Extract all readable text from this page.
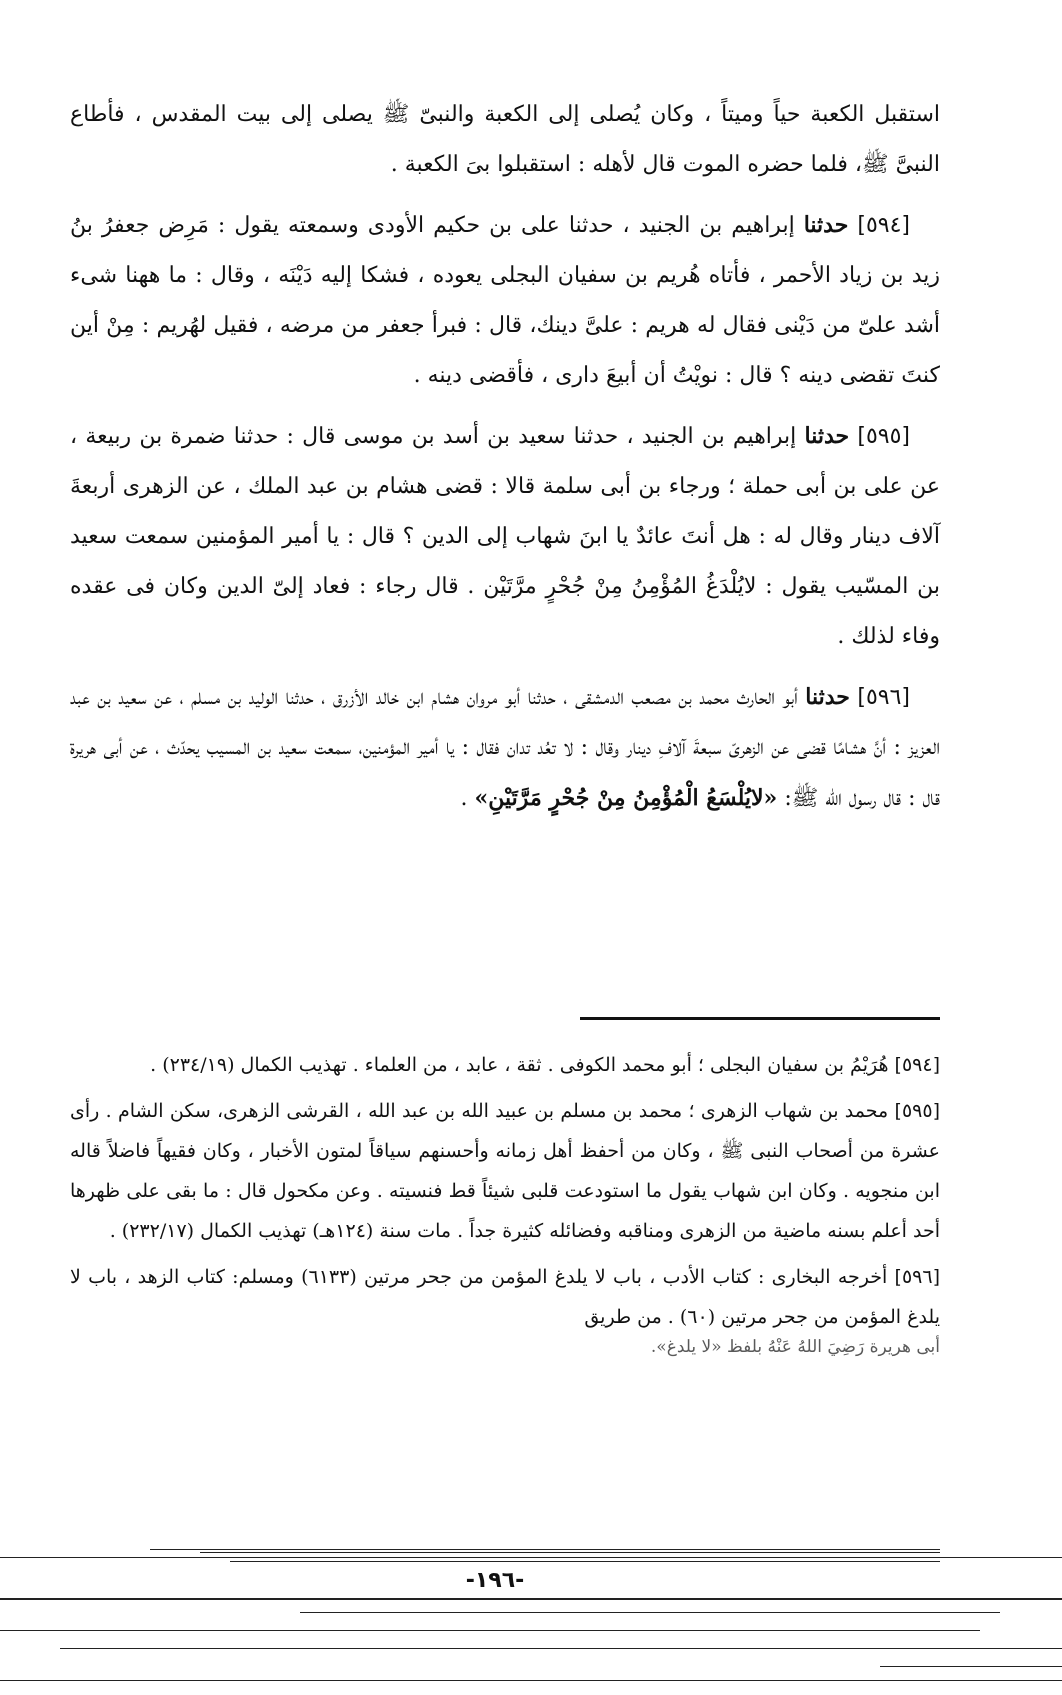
استقبل الكعبة حياً وميتاً ، وكان يُصلى إلى الكعبة والنبىّ ﷺ يصلى إلى بيت المقدس ، فأطاع النبىَّ ﷺ، فلما حضره الموت قال لأهله : استقبلوا بىَ الكعبة .

[٥٩٤] حدثنا إبراهيم بن الجنيد ، حدثنا على بن حكيم الأودى وسمعته يقول : مَرِض جعفرُ بنُ زيد بن زياد الأحمر ، فأتاه هُريم بن سفيان البجلى يعوده ، فشكا إليه دَيْنَه ، وقال : ما ههنا شىء أشد علىّ من دَيْنى فقال له هريم : علىَّ دينك، قال : فبرأ جعفر من مرضه ، فقيل لهُريم : مِنْ أين كنتَ تقضى دينه ؟ قال : نويْتُ أن أبيعَ دارى ، فأقضى دينه .

[٥٩٥] حدثنا إبراهيم بن الجنيد ، حدثنا سعيد بن أسد بن موسى قال : حدثنا ضمرة بن ربيعة ، عن على بن أبى حملة ؛ ورجاء بن أبى سلمة قالا : قضى هشام بن عبد الملك ، عن الزهرى أربعةَ آلاف دينار وقال له : هل أنتَ عائدٌ يا ابنَ شهاب إلى الدين ؟ قال : يا أمير المؤمنين سمعت سعيد بن المسّيب يقول : لايُلْدَغُ المُؤْمِنُ مِنْ جُحْرٍ مرَّتَيْن . قال رجاء : فعاد إلىّ الدين وكان فى عقده وفاء لذلك .

[٥٩٦] حدثنا أبو الحارث محمد بن مصعب الدمشقى ، حدثنا أبو مروان هشام ابن خالد الأزرق ، حدثنا الوليد بن مسلم ، عن سعيد بن عبد العزيز : أنَّ هشامًا قضى عن الزهرىّ سبعةَ آلافِ دينار وقال : لا تعُد تدان فقال : يا أمير المؤمنين، سمعت سعيد بن المسيب يحدّث ، عن أبى هريرة قال : قال رسول الله ﷺ: «لايُلْسَعُ الْمُؤْمِنُ مِنْ جُحْرٍ مَرَّتَيْنِ» .

[٥٩٤] هُرَيْمُ بن سفيان البجلى ؛ أبو محمد الكوفى . ثقة ، عابد ، من العلماء . تهذيب الكمال (٢٣٤/١٩) .

[٥٩٥] محمد بن شهاب الزهرى ؛ محمد بن مسلم بن عبيد الله بن عبد الله ، القرشى الزهرى، سكن الشام . رأى عشرة من أصحاب النبى ﷺ ، وكان من أحفظ أهل زمانه وأحسنهم سياقاً لمتون الأخبار ، وكان فقيهاً فاضلاً قاله ابن منجويه . وكان ابن شهاب يقول ما استودعت قلبى شيئاً قط فنسيته . وعن مكحول قال : ما بقى على ظهرها أحد أعلم بسنه ماضية من الزهرى ومناقبه وفضائله كثيرة جداً . مات سنة (١٢٤هـ) تهذيب الكمال (٢٣٢/١٧) .

[٥٩٦] أخرجه البخارى : كتاب الأدب ، باب لا يلدغ المؤمن من جحر مرتين (٦١٣٣) ومسلم: كتاب الزهد ، باب لا يلدغ المؤمن من جحر مرتين (٦٠) . من طريق
أبى هريرة رَضِيَ اللهُ عَنْهُ بلفظ «لا يلدغ».

-١٩٦-
